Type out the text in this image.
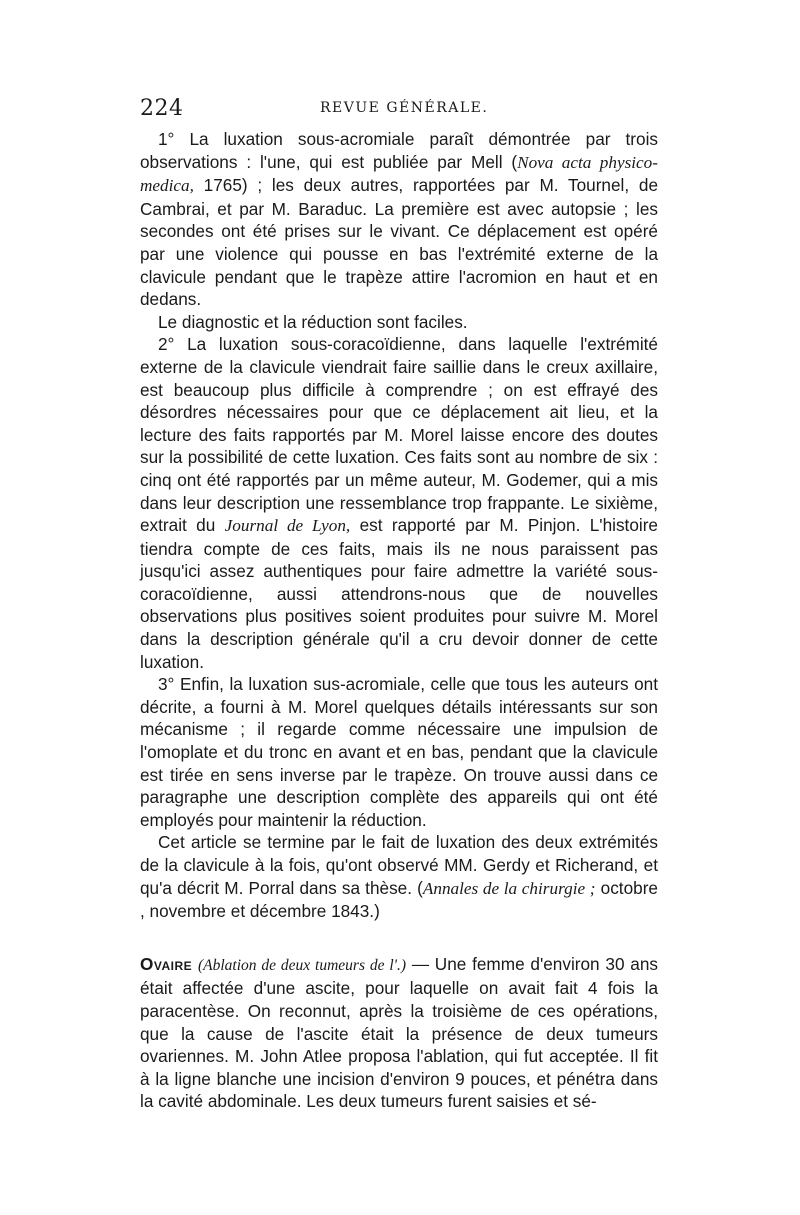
224	REVUE GÉNÉRALE.

1° La luxation sous-acromiale paraît démontrée par trois observations : l'une, qui est publiée par Mell (Nova acta physico-medica, 1765) ; les deux autres, rapportées par M. Tournel, de Cambrai, et par M. Baraduc. La première est avec autopsie ; les secondes ont été prises sur le vivant. Ce déplacement est opéré par une violence qui pousse en bas l'extrémité externe de la clavicule pendant que le trapèze attire l'acromion en haut et en dedans.

Le diagnostic et la réduction sont faciles.

2° La luxation sous-coracoïdienne, dans laquelle l'extrémité externe de la clavicule viendrait faire saillie dans le creux axillaire, est beaucoup plus difficile à comprendre ; on est effrayé des désordres nécessaires pour que ce déplacement ait lieu, et la lecture des faits rapportés par M. Morel laisse encore des doutes sur la possibilité de cette luxation. Ces faits sont au nombre de six : cinq ont été rapportés par un même auteur, M. Godemer, qui a mis dans leur description une ressemblance trop frappante. Le sixième, extrait du Journal de Lyon, est rapporté par M. Pinjon. L'histoire tiendra compte de ces faits, mais ils ne nous paraissent pas jusqu'ici assez authentiques pour faire admettre la variété sous-coracoïdienne, aussi attendrons-nous que de nouvelles observations plus positives soient produites pour suivre M. Morel dans la description générale qu'il a cru devoir donner de cette luxation.

3° Enfin, la luxation sus-acromiale, celle que tous les auteurs ont décrite, a fourni à M. Morel quelques détails intéressants sur son mécanisme ; il regarde comme nécessaire une impulsion de l'omoplate et du tronc en avant et en bas, pendant que la clavicule est tirée en sens inverse par le trapèze. On trouve aussi dans ce paragraphe une description complète des appareils qui ont été employés pour maintenir la réduction.

Cet article se termine par le fait de luxation des deux extrémités de la clavicule à la fois, qu'ont observé MM. Gerdy et Richerand, et qu'a décrit M. Porral dans sa thèse. (Annales de la chirurgie ; octobre , novembre et décembre 1843.)

Ovaire (Ablation de deux tumeurs de l'.) — Une femme d'environ 30 ans était affectée d'une ascite, pour laquelle on avait fait 4 fois la paracentèse. On reconnut, après la troisième de ces opérations, que la cause de l'ascite était la présence de deux tumeurs ovariennes. M. John Atlee proposa l'ablation, qui fut acceptée. Il fit à la ligne blanche une incision d'environ 9 pouces, et pénétra dans la cavité abdominale. Les deux tumeurs furent saisies et sé-
